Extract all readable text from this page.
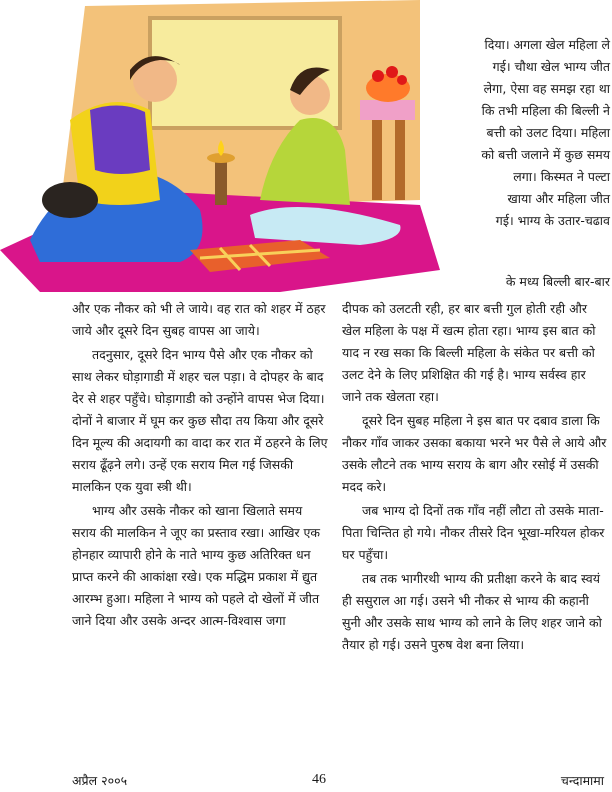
दिया। अगला खेल महिला ले

गई। चौथा खेल भाग्य जीत

लेगा, ऐसा वह समझ रहा था

कि तभी महिला की बिल्ली ने

बत्ती को उलट दिया। महिला

को बत्ती जलाने में कुछ समय

लगा। किस्मत ने पल्टा

खाया और महिला जीत

गई। भाग्य के उतार-चढाव

के मध्य बिल्ली बार-बार

और एक नौकर को भी ले जाये। वह रात को शहर में ठहर जाये और दूसरे दिन सुबह वापस आ जाये।

तदनुसार, दूसरे दिन भाग्य पैसे और एक नौकर को साथ लेकर घोड़ागाडी में शहर चल पड़ा। वे दोपहर के बाद देर से शहर पहुँचे। घोड़ागाडी को उन्होंने वापस भेज दिया। दोनों ने बाजार में घूम कर कुछ सौदा तय किया और दूसरे दिन मूल्य की अदायगी का वादा कर रात में ठहरने के लिए सराय ढूँढ़ने लगे। उन्हें एक सराय मिल गई जिसकी मालकिन एक युवा स्त्री थी।

भाग्य और उसके नौकर को खाना खिलाते समय सराय की मालकिन ने जूए का प्रस्ताव रखा। आखिर एक होनहार व्यापारी होने के नाते भाग्य कुछ अतिरिक्त धन प्राप्त करने की आकांक्षा रखे। एक मद्धिम प्रकाश में द्युत आरम्भ हुआ। महिला ने भाग्य को पहले दो खेलों में जीत जाने दिया और उसके अन्दर आत्म-विश्वास जगा

दीपक को उलटती रही, हर बार बत्ती गुल होती रही और खेल महिला के पक्ष में खत्म होता रहा। भाग्य इस बात को याद न रख सका कि बिल्ली महिला के संकेत पर बत्ती को उलट देने के लिए प्रशिक्षित की गई है। भाग्य सर्वस्व हार जाने तक खेलता रहा।

दूसरे दिन सुबह महिला ने इस बात पर दबाव डाला कि नौकर गाँव जाकर उसका बकाया भरने भर पैसे ले आये और उसके लौटने तक भाग्य सराय के बाग और रसोई में उसकी मदद करे।

जब भाग्य दो दिनों तक गाँव नहीं लौटा तो उसके माता-पिता चिन्तित हो गये। नौकर तीसरे दिन भूखा-मरियल होकर घर पहुँचा।

तब तक भागीरथी भाग्य की प्रतीक्षा करने के बाद स्वयं ही ससुराल आ गई। उसने भी नौकर से भाग्य की कहानी सुनी और उसके साथ भाग्य को लाने के लिए शहर जाने को तैयार हो गई। उसने पुरुष वेश बना लिया।

अप्रैल २००५	46	चन्दामामा
